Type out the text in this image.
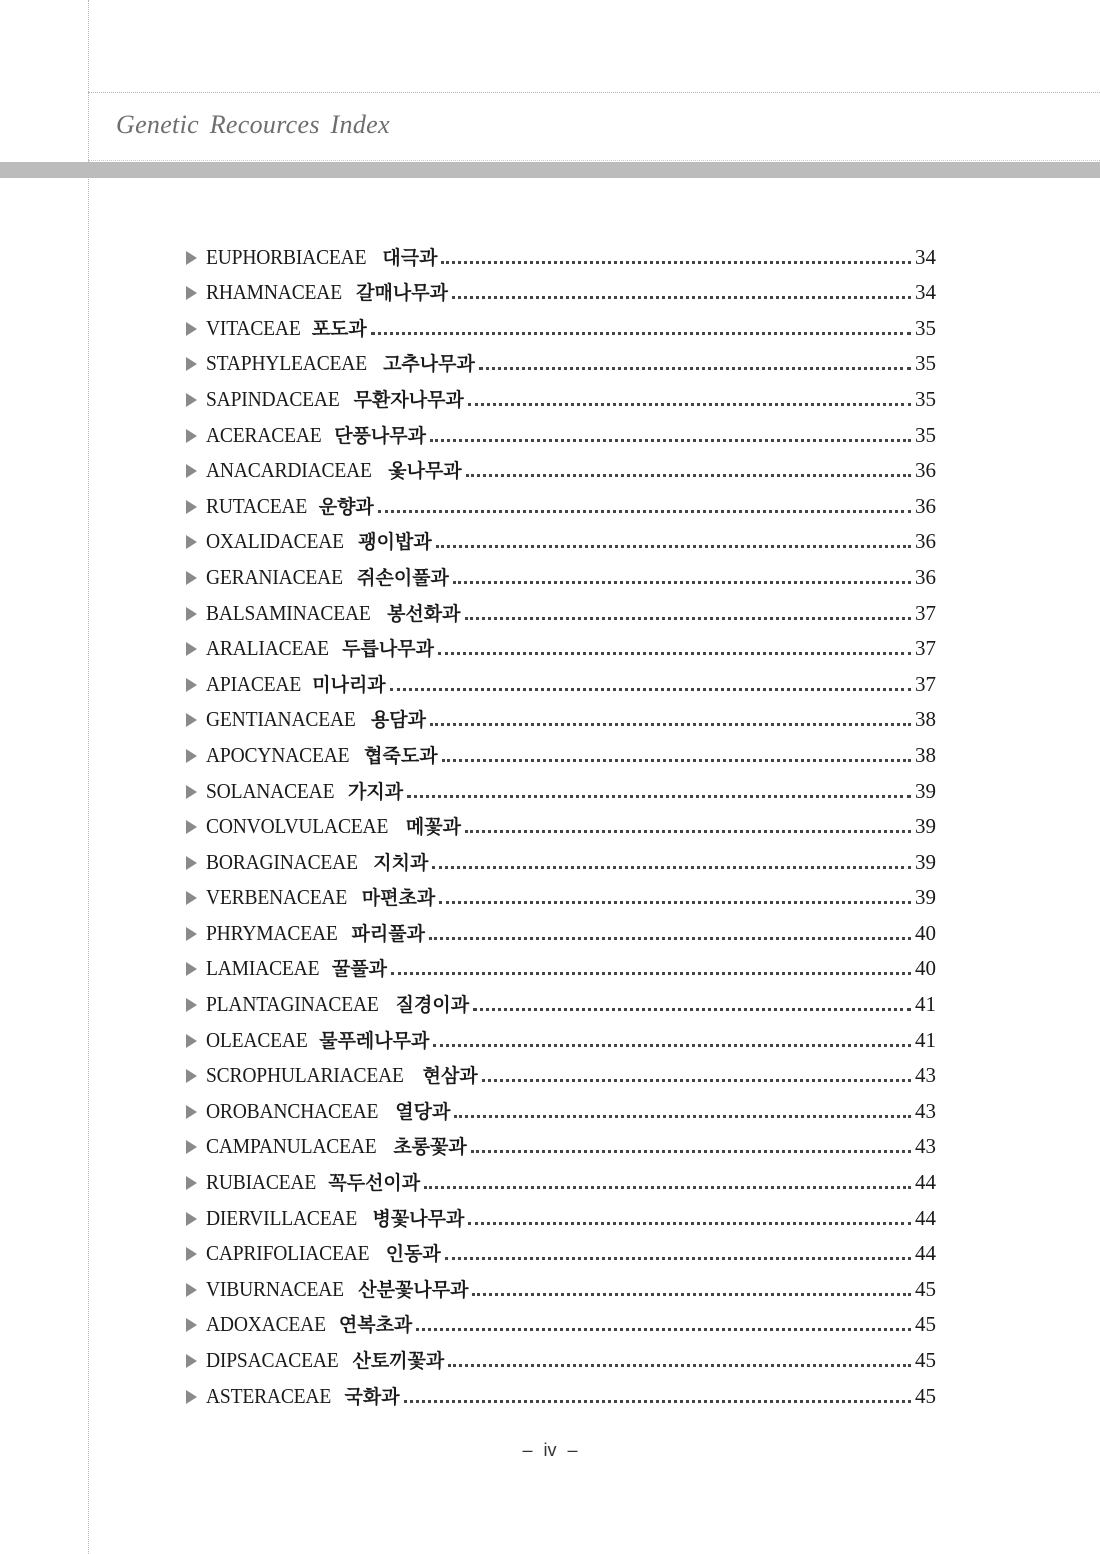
Genetic Recources Index
EUPHORBIACEAE 대극과	34
RHAMNACEAE 갈매나무과	34
VITACEAE 포도과	35
STAPHYLEACEAE 고추나무과	35
SAPINDACEAE 무환자나무과	35
ACERACEAE 단풍나무과	35
ANACARDIACEAE 옻나무과	36
RUTACEAE 운향과	36
OXALIDACEAE 괭이밥과	36
GERANIACEAE 쥐손이풀과	36
BALSAMINACEAE 봉선화과	37
ARALIACEAE 두릅나무과	37
APIACEAE 미나리과	37
GENTIANACEAE 용담과	38
APOCYNACEAE 협죽도과	38
SOLANACEAE 가지과	39
CONVOLVULACEAE 메꽃과	39
BORAGINACEAE 지치과	39
VERBENACEAE 마편초과	39
PHRYMACEAE 파리풀과	40
LAMIACEAE 꿀풀과	40
PLANTAGINACEAE 질경이과	41
OLEACEAE 물푸레나무과	41
SCROPHULARIACEAE 현삼과	43
OROBANCHACEAE 열당과	43
CAMPANULACEAE 초롱꽃과	43
RUBIACEAE 꼭두선이과	44
DIERVILLACEAE 병꽃나무과	44
CAPRIFOLIACEAE 인동과	44
VIBURNACEAE 산분꽃나무과	45
ADOXACEAE 연복초과	45
DIPSACACEAE 산토끼꽃과	45
ASTERACEAE 국화과	45
– iv –
